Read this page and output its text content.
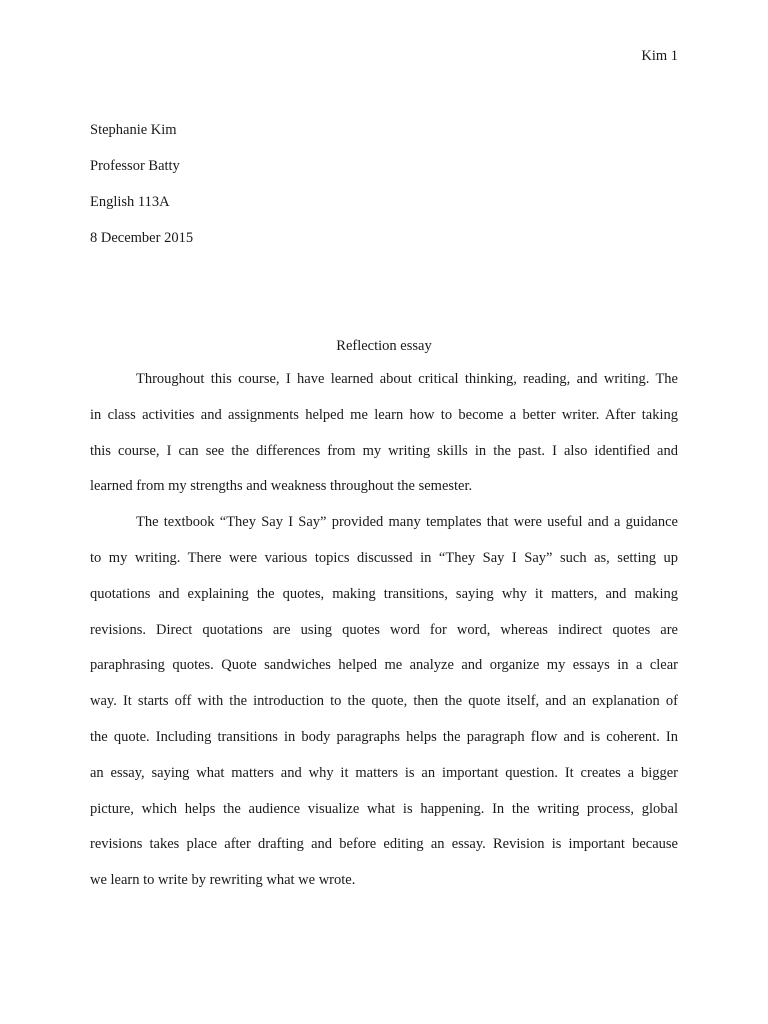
Kim 1
Stephanie Kim
Professor Batty
English 113A
8 December 2015
Reflection essay
Throughout this course, I have learned about critical thinking, reading, and writing. The
in class activities and assignments helped me learn how to become a better writer. After taking
this course, I can see the differences from my writing skills in the past. I also identified and
learned from my strengths and weakness throughout the semester.
The textbook “They Say I Say” provided many templates that were useful and a guidance
to my writing. There were various topics discussed in “They Say I Say” such as, setting up
quotations and explaining the quotes, making transitions, saying why it matters, and making
revisions. Direct quotations are using quotes word for word, whereas indirect quotes are
paraphrasing quotes. Quote sandwiches helped me analyze and organize my essays in a clear
way. It starts off with the introduction to the quote, then the quote itself, and an explanation of
the quote. Including transitions in body paragraphs helps the paragraph flow and is coherent. In
an essay, saying what matters and why it matters is an important question. It creates a bigger
picture, which helps the audience visualize what is happening. In the writing process, global
revisions takes place after drafting and before editing an essay. Revision is important because
we learn to write by rewriting what we wrote.
